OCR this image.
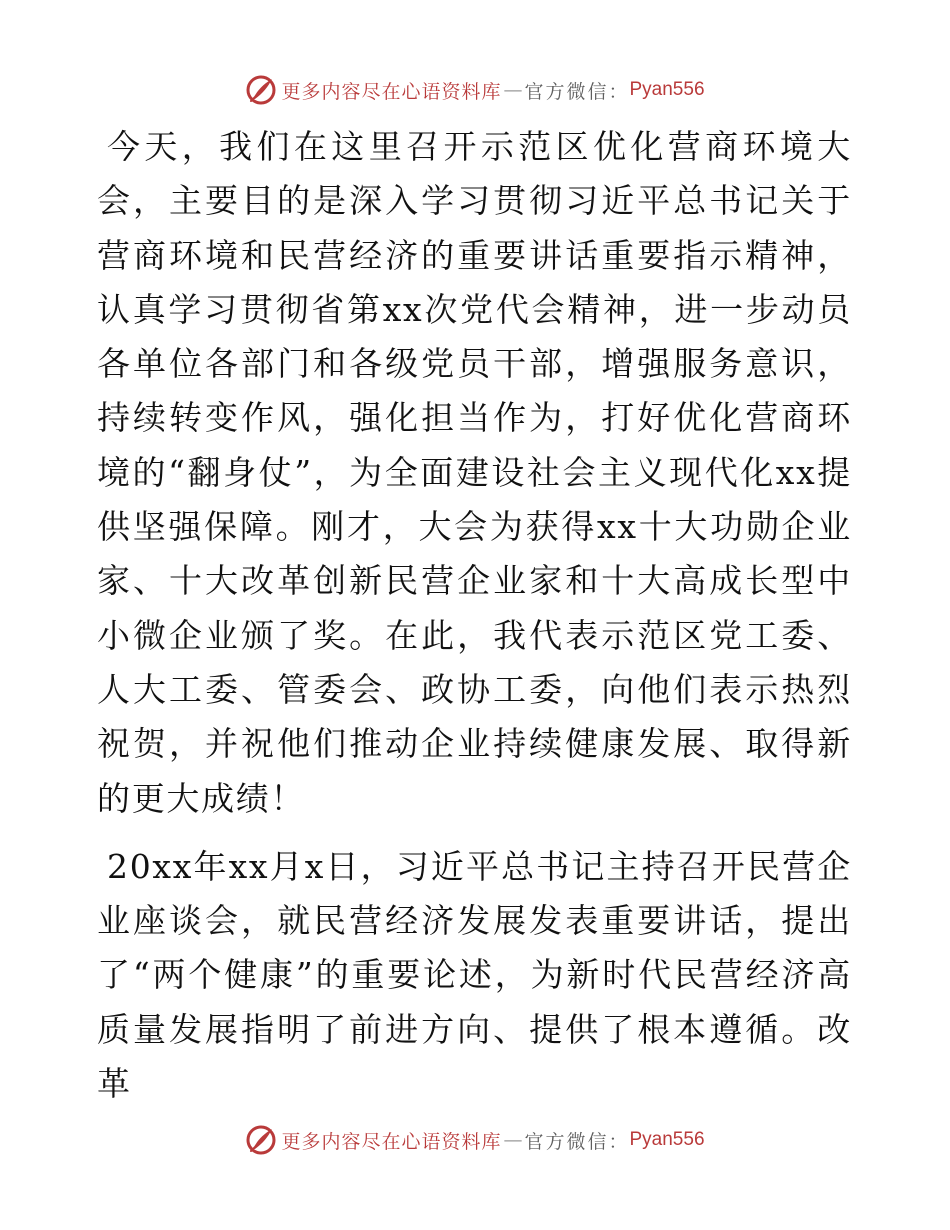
更多内容尽在心语资料库 — 官方微信： Pyan556

今天，我们在这里召开示范区优化营商环境大会，主要目的是深入学习贯彻习近平总书记关于营商环境和民营经济的重要讲话重要指示精神，认真学习贯彻省第xx次党代会精神，进一步动员各单位各部门和各级党员干部，增强服务意识，持续转变作风，强化担当作为，打好优化营商环境的“翻身仗”，为全面建设社会主义现代化xx提供坚强保障。刚才，大会为获得xx十大功勋企业家、十大改革创新民营企业家和十大高成长型中小微企业颁了奖。在此，我代表示范区党工委、人大工委、管委会、政协工委，向他们表示热烈祝贺，并祝他们推动企业持续健康发展、取得新的更大成绩！

20xx年xx月x日，习近平总书记主持召开民营企业座谈会，就民营经济发展发表重要讲话，提出了“两个健康”的重要论述，为新时代民营经济高质量发展指明了前进方向、提供了根本遵循。改革

更多内容尽在心语资料库 — 官方微信： Pyan556
